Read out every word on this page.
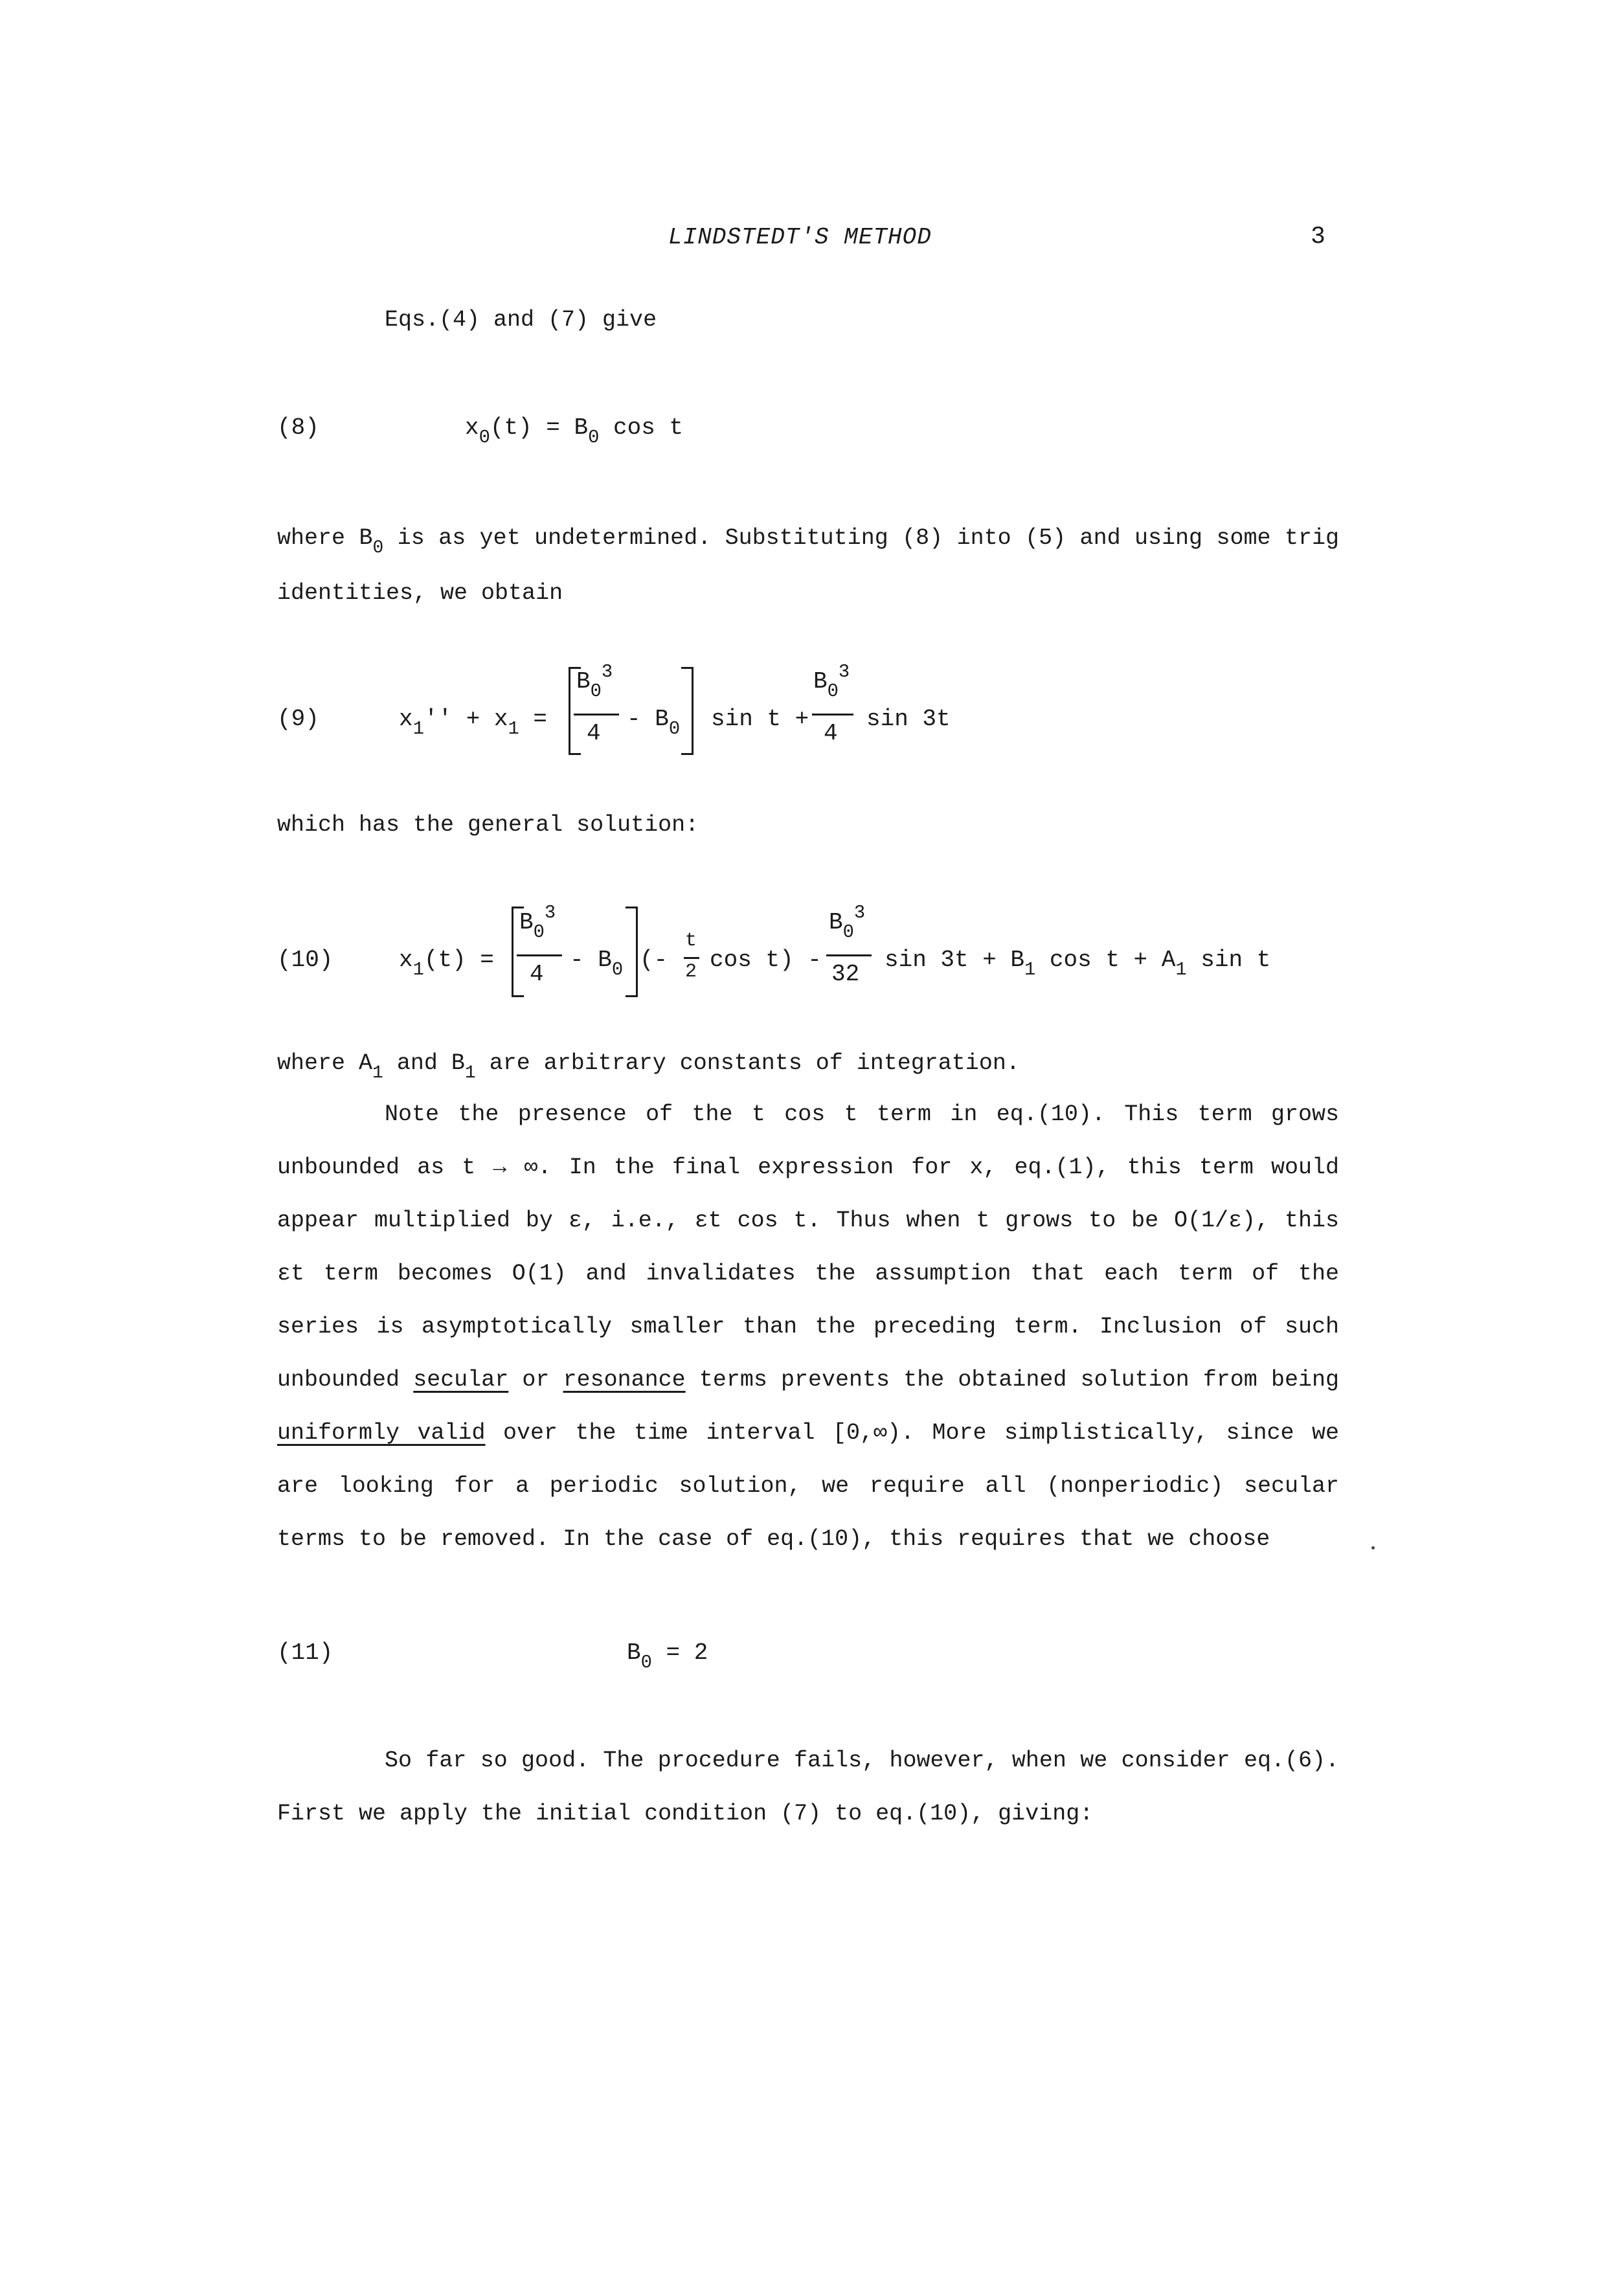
LINDSTEDT'S METHOD	3
Eqs.(4) and (7) give
(8)	$x_0(t) = B_0$ cos t

where $B_0$ is as yet undetermined. Substituting (8) into (5) and using some trig identities, we obtain

(9)	$x_1'' + x_1$ =
$B_0^3$
4
- $B_0$ sin t +
$B_0^3$
4
sin 3t
which has the general solution:
(10)	$x_1(t)$ =
$B_0^3$
4
- $B_0$ (-
t
2 cos t) -
$B_0^3$
32
$\sin 3t + B_1$ $\cos t + A_1$ sin t
where $A_1$ and $B_1$ are arbitrary constants of integration.

Note the presence of the t cos t term in eq.(10). This term grows unbounded as t → ∞. In the final expression for x, eq.(1), this term would appear multiplied by ε, i.e., εt cos t. Thus when t grows to be O(1/ε), this εt term becomes O(1) and invalidates the assumption that each term of the series is asymptotically smaller than the preceding term. Inclusion of such unbounded secular or resonance terms prevents the obtained solution from being uniformly valid over the time interval [0,∞). More simplistically, since we are looking for a periodic solution, we require all (nonperiodic) secular terms to be removed. In the case of eq.(10), this requires that we choose

(11)	$B_0 = 2$

So far so good. The procedure fails, however, when we consider eq.(6). First we apply the initial condition (7) to eq.(10), giving:
